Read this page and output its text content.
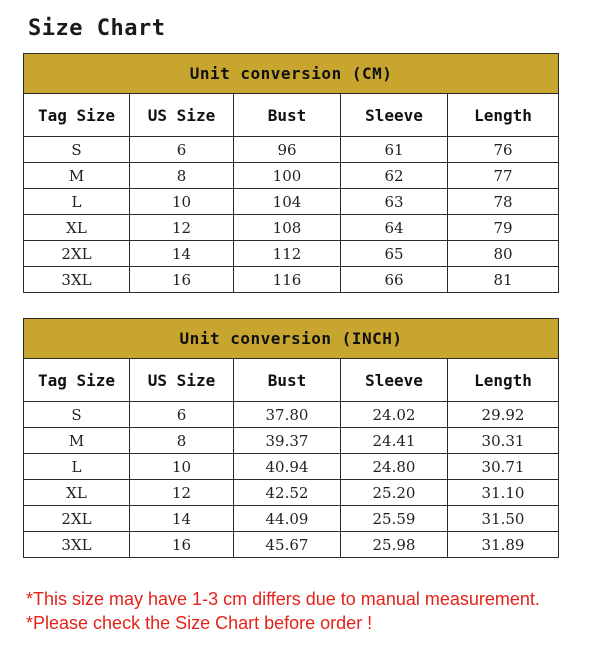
Size Chart
Unit conversion (CM)				
Tag Size	US Size	Bust	Sleeve	Length
S	6	96	61	76
M	8	100	62	77
L	10	104	63	78
XL	12	108	64	79
2XL	14	112	65	80
3XL	16	116	66	81
Unit conversion (INCH)				
Tag Size	US Size	Bust	Sleeve	Length
S	6	37.80	24.02	29.92
M	8	39.37	24.41	30.31
L	10	40.94	24.80	30.71
XL	12	42.52	25.20	31.10
2XL	14	44.09	25.59	31.50
3XL	16	45.67	25.98	31.89
*This size may have 1-3 cm differs due to manual measurement.
*Please check the Size Chart before order !
